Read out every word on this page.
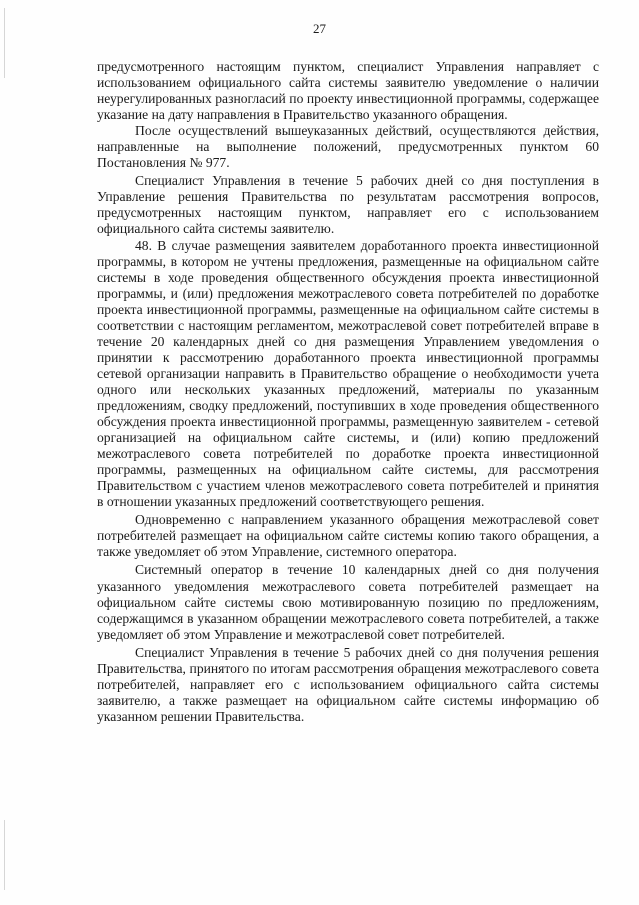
27

предусмотренного настоящим пунктом, специалист Управления направляет с использованием официального сайта системы заявителю уведомление о наличии неурегулированных разногласий по проекту инвестиционной программы, содержащее указание на дату направления в Правительство указанного обращения.

После осуществлений вышеуказанных действий, осуществляются действия, направленные на выполнение положений, предусмотренных пунктом 60 Постановления № 977.

Специалист Управления в течение 5 рабочих дней со дня поступления в Управление решения Правительства по результатам рассмотрения вопросов, предусмотренных настоящим пунктом, направляет его с использованием официального сайта системы заявителю.

48. В случае размещения заявителем доработанного проекта инвестиционной программы, в котором не учтены предложения, размещенные на официальном сайте системы в ходе проведения общественного обсуждения проекта инвестиционной программы, и (или) предложения межотраслевого совета потребителей по доработке проекта инвестиционной программы, размещенные на официальном сайте системы в соответствии с настоящим регламентом, межотраслевой совет потребителей вправе в течение 20 календарных дней со дня размещения Управлением уведомления о принятии к рассмотрению доработанного проекта инвестиционной программы сетевой организации направить в Правительство обращение о необходимости учета одного или нескольких указанных предложений, материалы по указанным предложениям, сводку предложений, поступивших в ходе проведения общественного обсуждения проекта инвестиционной программы, размещенную заявителем - сетевой организацией на официальном сайте системы, и (или) копию предложений межотраслевого совета потребителей по доработке проекта инвестиционной программы, размещенных на официальном сайте системы, для рассмотрения Правительством с участием членов межотраслевого совета потребителей и принятия в отношении указанных предложений соответствующего решения.

Одновременно с направлением указанного обращения межотраслевой совет потребителей размещает на официальном сайте системы копию такого обращения, а также уведомляет об этом Управление, системного оператора.

Системный оператор в течение 10 календарных дней со дня получения указанного уведомления межотраслевого совета потребителей размещает на официальном сайте системы свою мотивированную позицию по предложениям, содержащимся в указанном обращении межотраслевого совета потребителей, а также уведомляет об этом Управление и межотраслевой совет потребителей.

Специалист Управления в течение 5 рабочих дней со дня получения решения Правительства, принятого по итогам рассмотрения обращения межотраслевого совета потребителей, направляет его с использованием официального сайта системы заявителю, а также размещает на официальном сайте системы информацию об указанном решении Правительства.
